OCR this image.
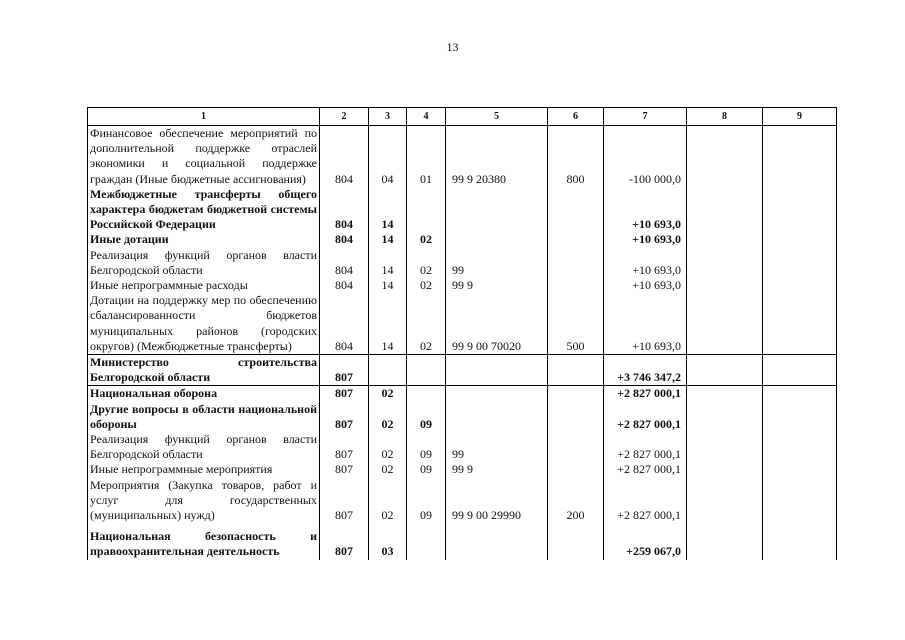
13
1	2	3	4	5	6	7	8	9
Финансовое обеспечение мероприятий по дополнительной поддержке отраслей экономики и социальной поддержке граждан (Иные бюджетные ассигнования)	804	04	01	99 9 20380	800	-100 000,0		
Межбюджетные трансферты общего характера бюджетам бюджетной системы Российской Федерации	804	14				+10 693,0		
Иные дотации	804	14	02			+10 693,0		
Реализация функций органов власти Белгородской области	804	14	02	99		+10 693,0		
Иные непрограммные расходы	804	14	02	99 9		+10 693,0		
Дотации на поддержку мер по обеспечению сбалансированности бюджетов муниципальных районов (городских округов) (Межбюджетные трансферты)	804	14	02	99 9 00 70020	500	+10 693,0		
Министерство строительства Белгородской области	807					+3 746 347,2		
Национальная оборона	807	02				+2 827 000,1		
Другие вопросы в области национальной обороны	807	02	09			+2 827 000,1		
Реализация функций органов власти Белгородской области	807	02	09	99		+2 827 000,1		
Иные непрограммные мероприятия	807	02	09	99 9		+2 827 000,1		
Мероприятия (Закупка товаров, работ и услуг для государственных (муниципальных) нужд)	807	02	09	99 9 00 29990	200	+2 827 000,1		
Национальная безопасность и правоохранительная деятельность	807	03				+259 067,0		
